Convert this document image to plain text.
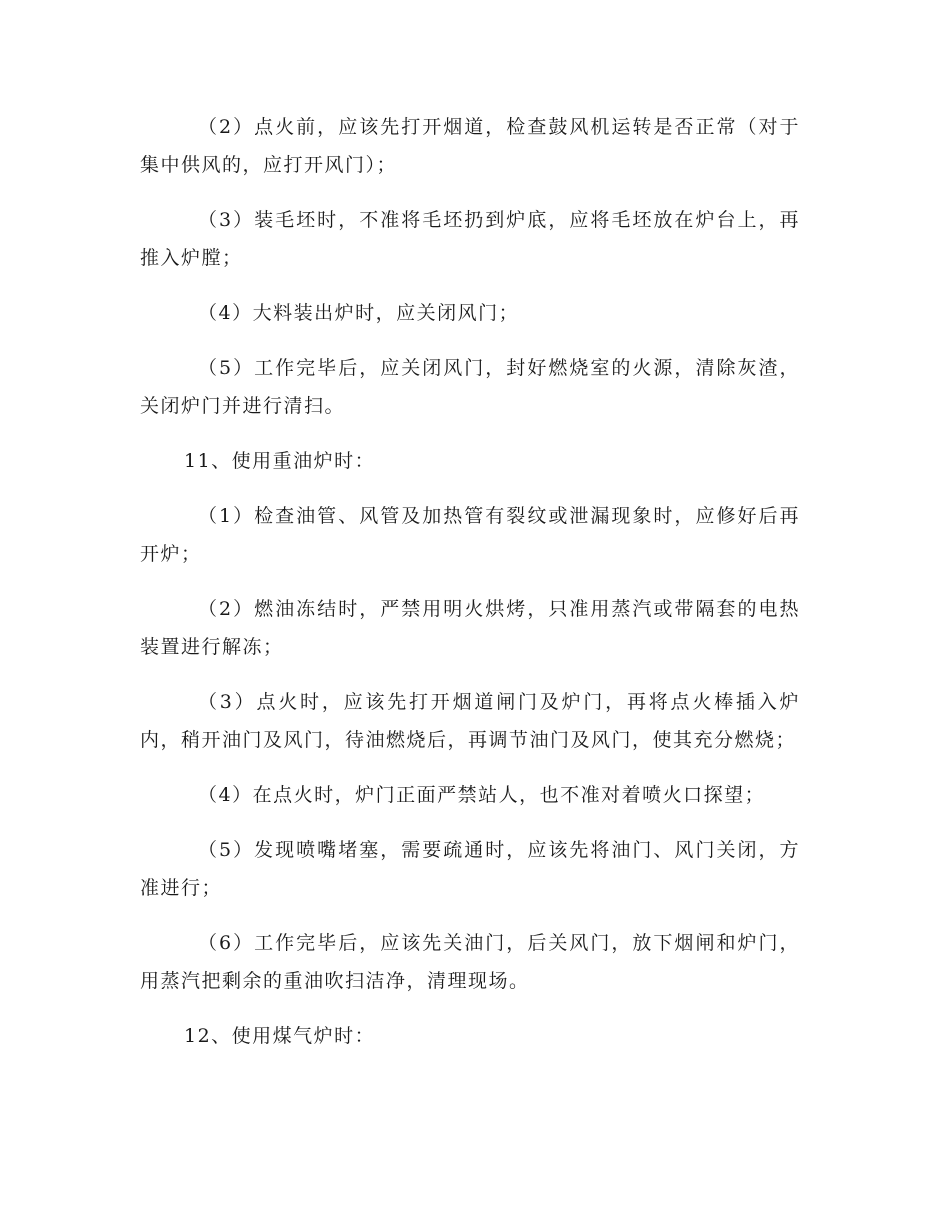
（2）点火前，应该先打开烟道，检查鼓风机运转是否正常（对于集中供风的，应打开风门）；

（3）装毛坯时，不准将毛坯扔到炉底，应将毛坯放在炉台上，再推入炉膛；

（4）大料装出炉时，应关闭风门；

（5）工作完毕后，应关闭风门，封好燃烧室的火源，清除灰渣，关闭炉门并进行清扫。

11、使用重油炉时：

（1）检查油管、风管及加热管有裂纹或泄漏现象时，应修好后再开炉；

（2）燃油冻结时，严禁用明火烘烤，只准用蒸汽或带隔套的电热装置进行解冻；

（3）点火时，应该先打开烟道闸门及炉门，再将点火棒插入炉内，稍开油门及风门，待油燃烧后，再调节油门及风门，使其充分燃烧；

（4）在点火时，炉门正面严禁站人，也不准对着喷火口探望；

（5）发现喷嘴堵塞，需要疏通时，应该先将油门、风门关闭，方准进行；

（6）工作完毕后，应该先关油门，后关风门，放下烟闸和炉门，用蒸汽把剩余的重油吹扫洁净，清理现场。

12、使用煤气炉时：
